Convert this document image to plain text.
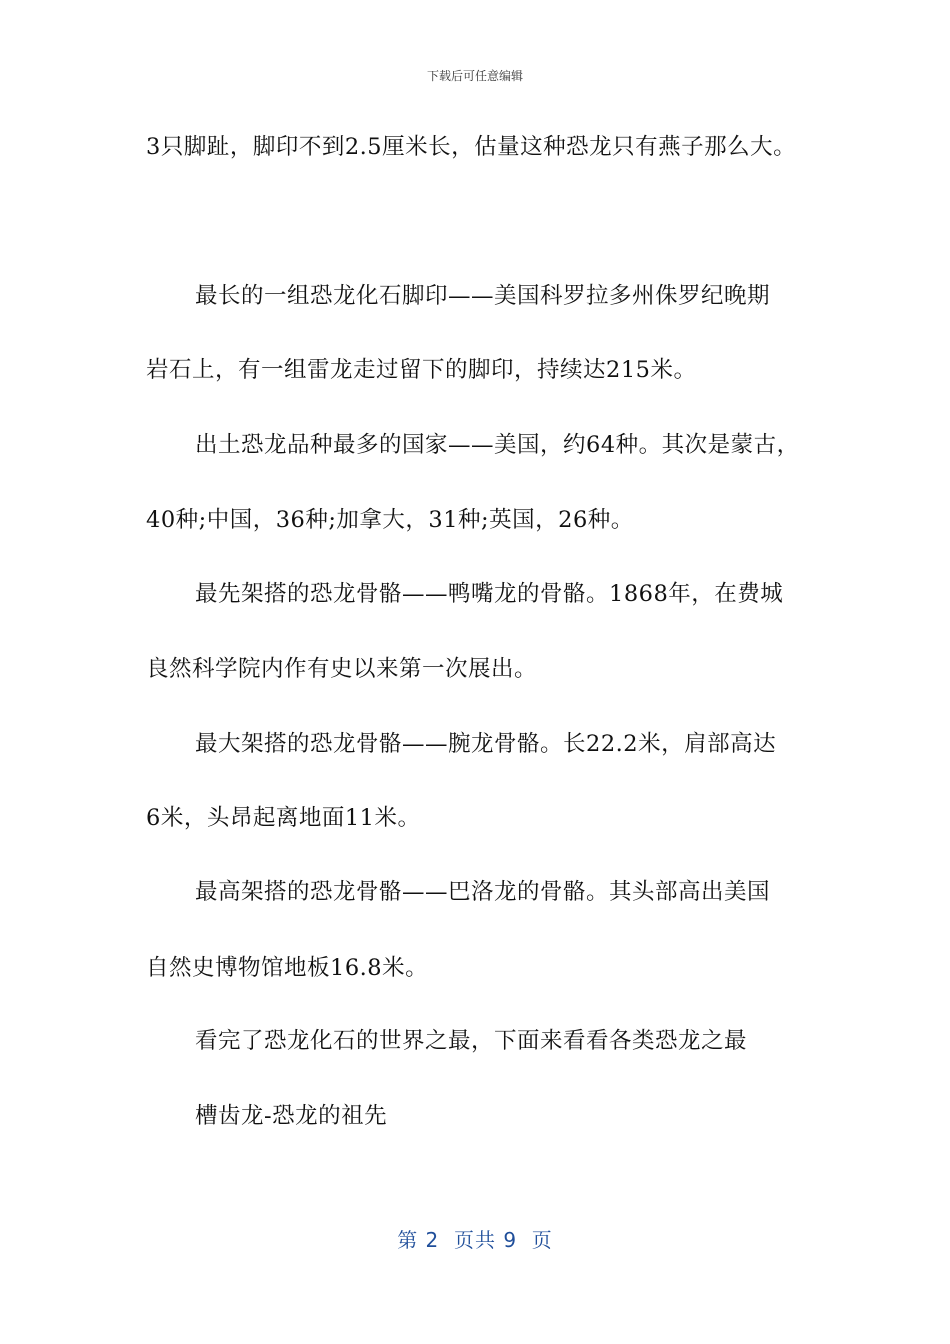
下载后可任意编辑
3只脚趾，脚印不到2.5厘米长，估量这种恐龙只有燕子那么大。
最长的一组恐龙化石脚印——美国科罗拉多州侏罗纪晚期
岩石上，有一组雷龙走过留下的脚印，持续达215米。
出土恐龙品种最多的国家——美国，约64种。其次是蒙古，
40种;中国，36种;加拿大，31种;英国，26种。
最先架搭的恐龙骨骼——鸭嘴龙的骨骼。1868年，在费城
良然科学院内作有史以来第一次展出。
最大架搭的恐龙骨骼——腕龙骨骼。长22.2米，肩部高达
6米，头昂起离地面11米。
最高架搭的恐龙骨骼——巴洛龙的骨骼。其头部高出美国
自然史博物馆地板16.8米。
看完了恐龙化石的世界之最，下面来看看各类恐龙之最
槽齿龙-恐龙的祖先
第 2  页共 9  页
